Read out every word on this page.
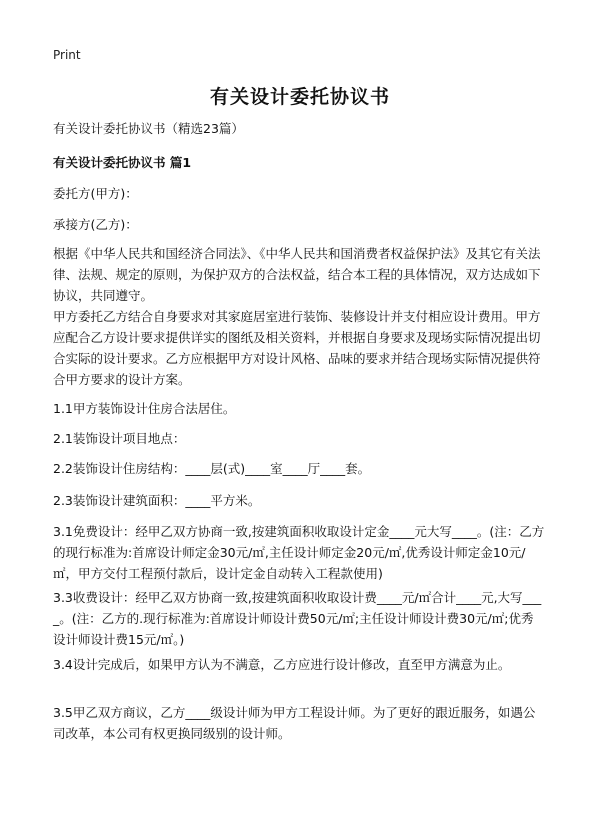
Print
有关设计委托协议书

有关设计委托协议书（精选23篇）

有关设计委托协议书 篇1

委托方(甲方)：

承接方(乙方)：

根据《中华人民共和国经济合同法》、《中华人民共和国消费者权益保护法》及其它有关法律、法规、规定的原则，为保护双方的合法权益，结合本工程的具体情况，双方达成如下协议，共同遵守。

甲方委托乙方结合自身要求对其家庭居室进行装饰、装修设计并支付相应设计费用。甲方应配合乙方设计要求提供详实的图纸及相关资料，并根据自身要求及现场实际情况提出切合实际的设计要求。乙方应根据甲方对设计风格、品味的要求并结合现场实际情况提供符合甲方要求的设计方案。

1.1甲方装饰设计住房合法居住。

2.1装饰设计项目地点：

2.2装饰设计住房结构：____层(式)____室____厅____套。

2.3装饰设计建筑面积：____平方米。

3.1免费设计：经甲乙双方协商一致,按建筑面积收取设计定金____元大写____。(注：乙方的现行标准为:首席设计师定金30元/㎡,主任设计师定金20元/㎡,优秀设计师定金10元/㎡，甲方交付工程预付款后，设计定金自动转入工程款使用)

3.3收费设计：经甲乙双方协商一致,按建筑面积收取设计费____元/㎡合计____元,大写____。(注：乙方的.现行标准为:首席设计师设计费50元/㎡;主任设计师设计费30元/㎡;优秀设计师设计费15元/㎡。)

3.4设计完成后，如果甲方认为不满意，乙方应进行设计修改，直至甲方满意为止。

3.5甲乙双方商议，乙方____级设计师为甲方工程设计师。为了更好的跟近服务，如遇公司改革，本公司有权更换同级别的设计师。
